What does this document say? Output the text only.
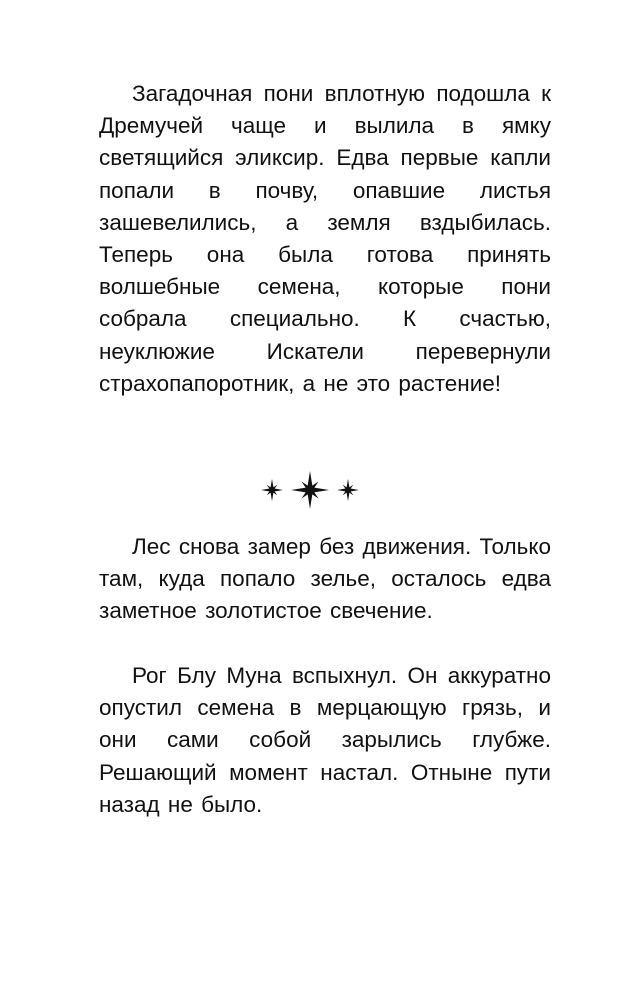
Загадочная пони вплотную подошла к Дремучей чаще и вылила в ямку светящийся эликсир. Едва первые капли попали в почву, опавшие листья зашевелились, а земля вздыбилась. Теперь она была готова принять волшебные семена, которые пони собрала специально. К счастью, неуклюжие Искатели перевернули страхопапоротник, а не это растение!

Лес снова замер без движения. Только там, куда попало зелье, осталось едва заметное золотистое свечение.

Рог Блу Муна вспыхнул. Он аккуратно опустил семена в мерцающую грязь, и они сами собой зарылись глубже. Решающий момент настал. Отныне пути назад не было.
